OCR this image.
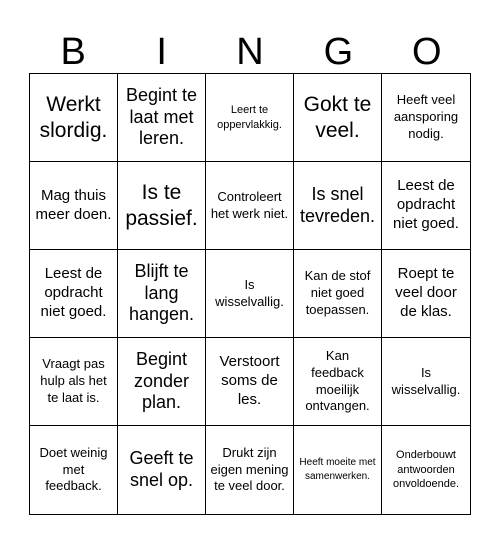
B	I	N	G	O
Werkt slordig.
Begint te laat met leren.
Leert te oppervlakkig.
Gokt te veel.
Heeft veel aansporing nodig.
Mag thuis meer doen.
Is te passief.
Controleert het werk niet.
Is snel tevreden.
Leest de opdracht niet goed.
Leest de opdracht niet goed.
Blijft te lang hangen.
Is wisselvallig.
Kan de stof niet goed toepassen.
Roept te veel door de klas.
Vraagt pas hulp als het te laat is.
Begint zonder plan.
Verstoort soms de les.
Kan feedback moeilijk ontvangen.
Is wisselvallig.
Doet weinig met feedback.
Geeft te snel op.
Drukt zijn eigen mening te veel door.
Heeft moeite met samenwerken.
Onderbouwt antwoorden onvoldoende.
